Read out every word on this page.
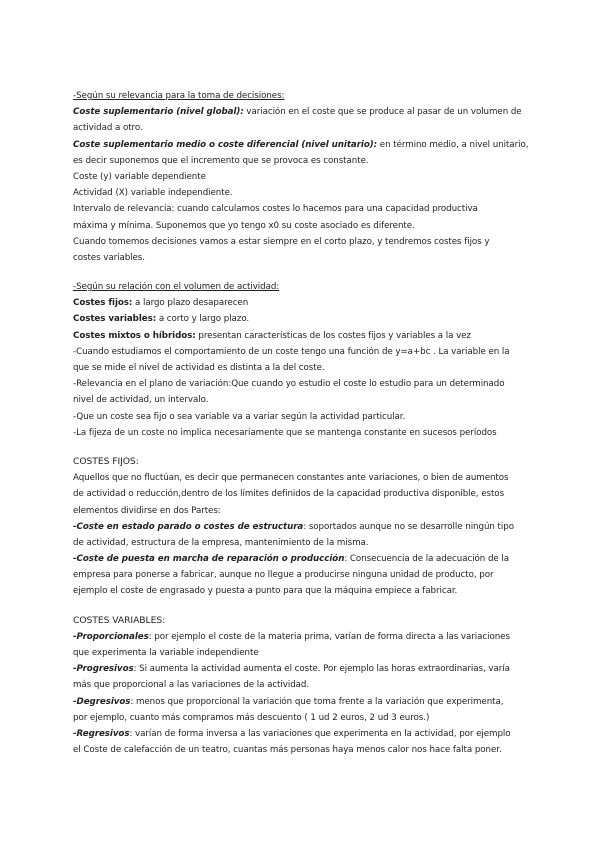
-Según su relevancia para la toma de decisiones:
Coste suplementario (nivel global): variación en el coste que se produce al pasar de un volumen de
actividad a otro.
Coste suplementario medio o coste diferencial (nivel unitario): en término medio, a nivel unitario,
es decir suponemos que el incremento que se provoca es constante.
Coste (y) variable dependiente
Actividad (X) variable independiente.
Intervalo de relevancia: cuando calculamos costes lo hacemos para una capacidad productiva
máxima y mínima. Suponemos que yo tengo x0 su coste asociado es diferente.
Cuando tomemos decisiones vamos a estar siempre en el corto plazo, y tendremos costes fijos y
costes variables.
-Según su relación con el volumen de actividad:
Costes fijos: a largo plazo desaparecen
Costes variables: a corto y largo plazo.
Costes mixtos o híbridos: presentan características de los costes fijos y variables a la vez
-Cuando estudiamos el comportamiento de un coste tengo una función de y=a+bc . La variable en la
que se mide el nivel de actividad es distinta a la del coste.
-Relevancia en el plano de variación:Que cuando yo estudio el coste lo estudio para un determinado
nivel de actividad, un intervalo.
-Que un coste sea fijo o sea variable va a variar según la actividad particular.
-La fijeza de un coste no implica necesariamente que se mantenga constante en sucesos períodos
COSTES FIJOS:
Aquellos que no fluctúan, es decir que permanecen constantes ante variaciones, o bien de aumentos
de actividad o reducción,dentro de los límites definidos de la capacidad productiva disponible, estos
elementos dividirse en dos Partes:
-Coste en estado parado o costes de estructura: soportados aunque no se desarrolle ningún tipo
de actividad, estructura de la empresa, mantenimiento de la misma.
-Coste de puesta en marcha de reparación o producción: Consecuencia de la adecuación de la
empresa para ponerse a fabricar, aunque no llegue a producirse ninguna unidad de producto, por
ejemplo el coste de engrasado y puesta a punto para que la máquina empiece a fabricar.
COSTES VARIABLES:
-Proporcionales: por ejemplo el coste de la materia prima, varían de forma directa a las variaciones
que experimenta la variable independiente
-Progresivos: Si aumenta la actividad aumenta el coste. Por ejemplo las horas extraordinarias, varía
más que proporcional a las variaciones de la actividad.
-Degresivos: menos que proporcional la variación que toma frente a la variación que experimenta,
por ejemplo, cuanto más compramos más descuento ( 1 ud 2 euros, 2 ud 3 euros.)
-Regresivos: varían de forma inversa a las variaciones que experimenta en la actividad, por ejemplo
el Coste de calefacción de un teatro, cuantas más personas haya menos calor nos hace falta poner.
